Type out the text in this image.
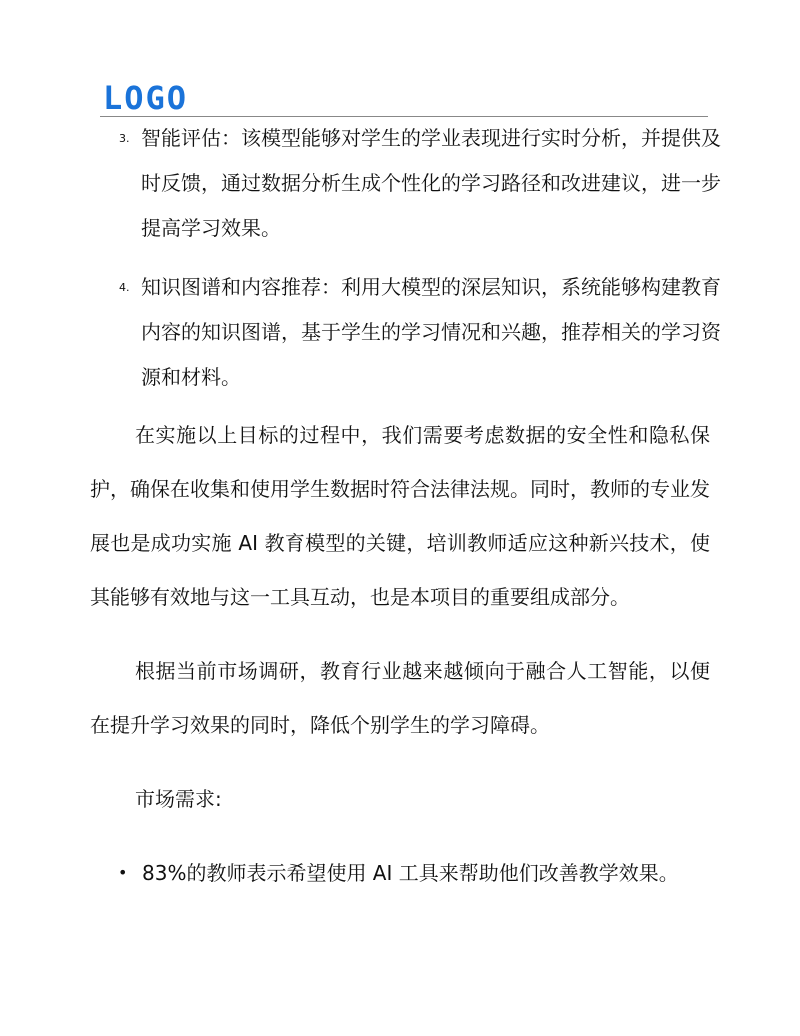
LOGO
3. 智能评估：该模型能够对学生的学业表现进行实时分析，并提供及时反馈，通过数据分析生成个性化的学习路径和改进建议，进一步提高学习效果。
4. 知识图谱和内容推荐：利用大模型的深层知识，系统能够构建教育内容的知识图谱，基于学生的学习情况和兴趣，推荐相关的学习资源和材料。

在实施以上目标的过程中，我们需要考虑数据的安全性和隐私保护，确保在收集和使用学生数据时符合法律法规。同时，教师的专业发展也是成功实施 AI 教育模型的关键，培训教师适应这种新兴技术，使其能够有效地与这一工具互动，也是本项目的重要组成部分。

根据当前市场调研，教育行业越来越倾向于融合人工智能，以便在提升学习效果的同时，降低个别学生的学习障碍。

市场需求:

• 83%的教师表示希望使用 AI 工具来帮助他们改善教学效果。
